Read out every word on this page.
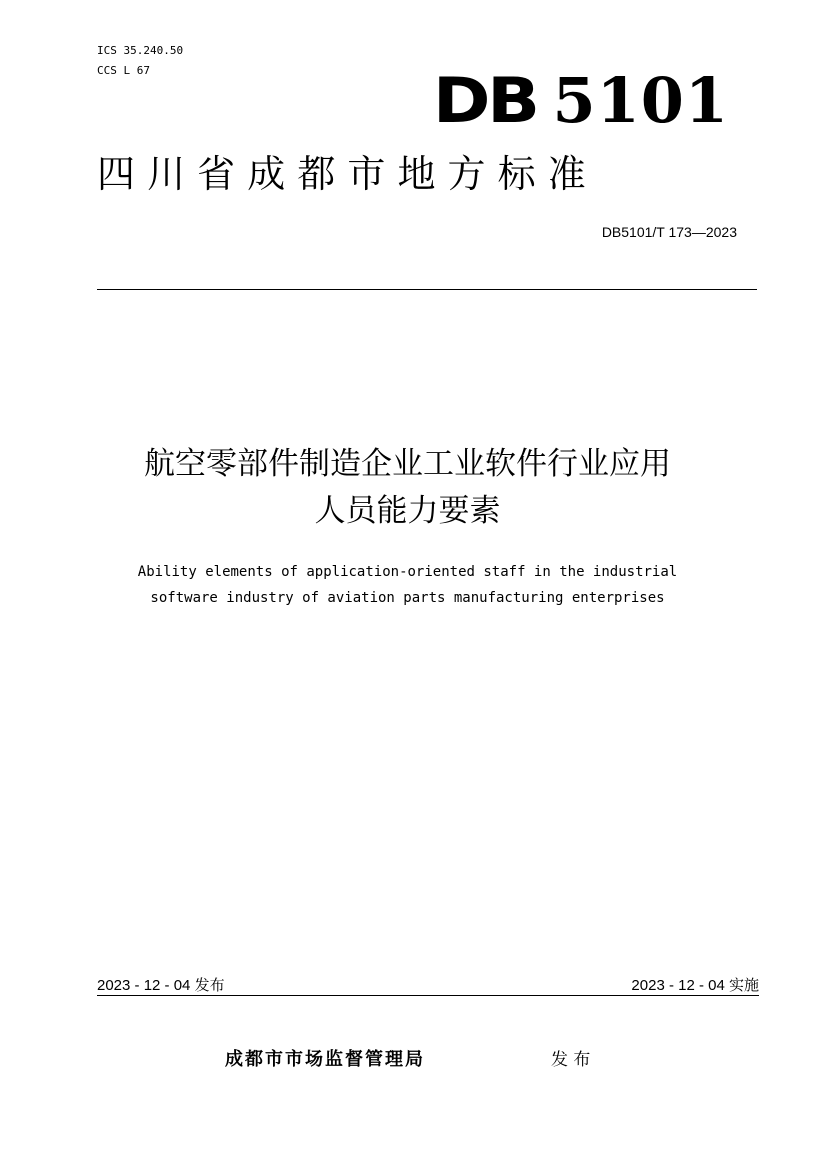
ICS 35.240.50
CCS L 67	DB 5101
四 川 省 成 都 市 地 方 标 准
DB5101/T 173—2023
航空零部件制造企业工业软件行业应用
人员能力要素
Ability elements of application-oriented staff in the industrial
software industry of aviation parts manufacturing enterprises
2023 - 12 - 04 发布	2023 - 12 - 04 实施
成都市市场监督管理局	发 布
